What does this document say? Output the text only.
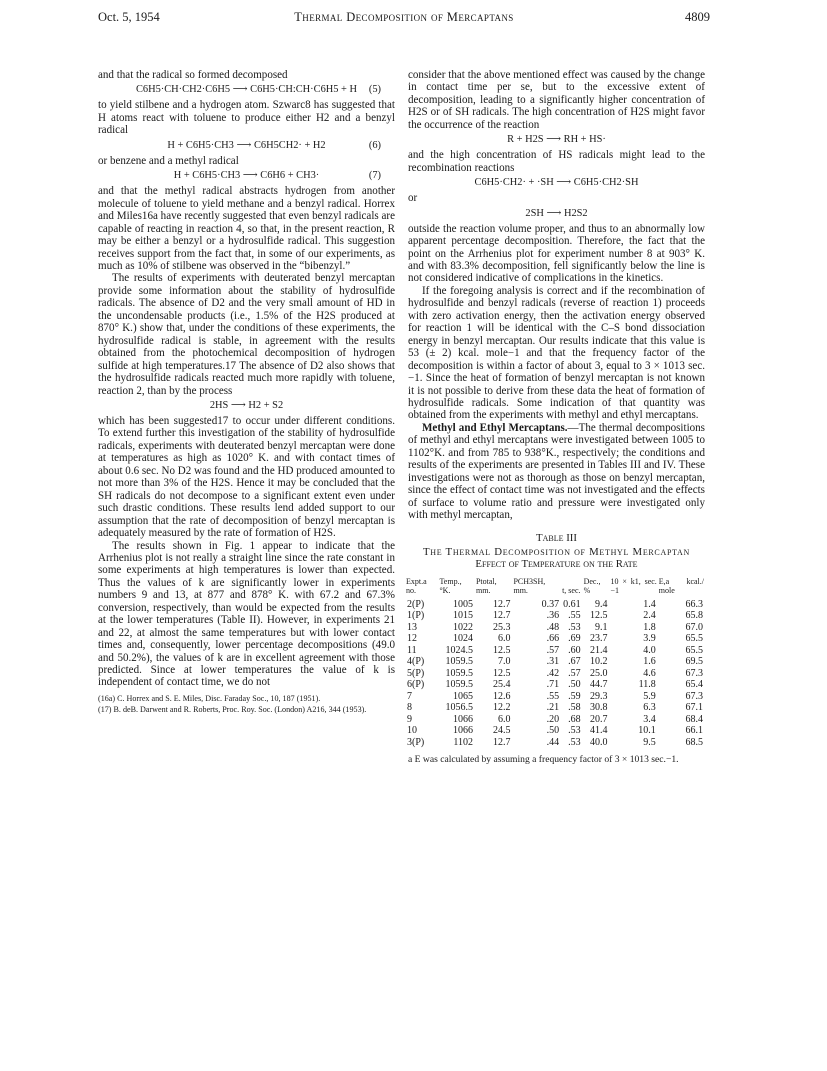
Oct. 5, 1954	Thermal Decomposition of Mercaptans	4809

and that the radical so formed decomposed

C6H5·CH·CH2·C6H5 ⟶ C6H5·CH:CH·C6H5 + H (5)

to yield stilbene and a hydrogen atom. Szwarc8 has suggested that H atoms react with toluene to produce either H2 and a benzyl radical

H + C6H5·CH3 ⟶ C6H5CH2· + H2	(6)

or benzene and a methyl radical

H + C6H5·CH3 ⟶ C6H6 + CH3·	(7)

and that the methyl radical abstracts hydrogen from another molecule of toluene to yield methane and a benzyl radical. Horrex and Miles16a have recently suggested that even benzyl radicals are capable of reacting in reaction 4, so that, in the present reaction, R may be either a benzyl or a hydrosulfide radical. This suggestion receives support from the fact that, in some of our experiments, as much as 10% of stilbene was observed in the “bibenzyl.”

The results of experiments with deuterated benzyl mercaptan provide some information about the stability of hydrosulfide radicals. The absence of D2 and the very small amount of HD in the uncondensable products (i.e., 1.5% of the H2S produced at 870° K.) show that, under the conditions of these experiments, the hydrosulfide radical is stable, in agreement with the results obtained from the photochemical decomposition of hydrogen sulfide at high temperatures.17 The absence of D2 also shows that the hydrosulfide radicals reacted much more rapidly with toluene, reaction 2, than by the process

2HS ⟶ H2 + S2

which has been suggested17 to occur under different conditions. To extend further this investigation of the stability of hydrosulfide radicals, experiments with deuterated benzyl mercaptan were done at temperatures as high as 1020° K. and with contact times of about 0.6 sec. No D2 was found and the HD produced amounted to not more than 3% of the H2S. Hence it may be concluded that the SH radicals do not decompose to a significant extent even under such drastic conditions. These results lend added support to our assumption that the rate of decomposition of benzyl mercaptan is adequately measured by the rate of formation of H2S.

The results shown in Fig. 1 appear to indicate that the Arrhenius plot is not really a straight line since the rate constant in some experiments at high temperatures is lower than expected. Thus the values of k are significantly lower in experiments numbers 9 and 13, at 877 and 878° K. with 67.2 and 67.3% conversion, respectively, than would be expected from the results at the lower temperatures (Table II). However, in experiments 21 and 22, at almost the same temperatures but with lower contact times and, consequently, lower percentage decompositions (49.0 and 50.2%), the values of k are in excellent agreement with those predicted. Since at lower temperatures the value of k is independent of contact time, we do not

(16a) C. Horrex and S. E. Miles, Disc. Faraday Soc., 10, 187 (1951).
(17) B. deB. Darwent and R. Roberts, Proc. Roy. Soc. (London) A216, 344 (1953).

consider that the above mentioned effect was caused by the change in contact time per se, but to the excessive extent of decomposition, leading to a significantly higher concentration of H2S or of SH radicals. The high concentration of H2S might favor the occurrence of the reaction

R + H2S ⟶ RH + HS·

and the high concentration of HS radicals might lead to the recombination reactions

C6H5·CH2· + ·SH ⟶ C6H5·CH2·SH

or

2SH ⟶ H2S2

outside the reaction volume proper, and thus to an abnormally low apparent percentage decomposition. Therefore, the fact that the point on the Arrhenius plot for experiment number 8 at 903° K. and with 83.3% decomposition, fell significantly below the line is not considered indicative of complications in the kinetics.

If the foregoing analysis is correct and if the recombination of hydrosulfide and benzyl radicals (reverse of reaction 1) proceeds with zero activation energy, then the activation energy observed for reaction 1 will be identical with the C–S bond dissociation energy in benzyl mercaptan. Our results indicate that this value is 53 (± 2) kcal. mole−1 and that the frequency factor of the decomposition is within a factor of about 3, equal to 3 × 1013 sec.−1. Since the heat of formation of benzyl mercaptan is not known it is not possible to derive from these data the heat of formation of hydrosulfide radicals. Some indication of that quantity was obtained from the experiments with methyl and ethyl mercaptans.

Methyl and Ethyl Mercaptans.—The thermal decompositions of methyl and ethyl mercaptans were investigated between 1005 to 1102°K. and from 785 to 938°K., respectively; the conditions and results of the experiments are presented in Tables III and IV. These investigations were not as thorough as those on benzyl mercaptan, since the effect of contact time was not investigated and the effects of surface to volume ratio and pressure were investigated only with methyl mercaptan,

Table III
The Thermal Decomposition of Methyl Mercaptan
Effect of Temperature on the Rate
Expt.a no.	Temp., °K.	Ptotal, mm.	PCH3SH, mm.	t, sec.	Dec., %	10 × k1, sec.−1	E,a kcal./ mole
2(P)	1005	12.7	0.37	0.61	9.4	1.4	66.3
1(P)	1015	12.7	.36	.55	12.5	2.4	65.8
13	1022	25.3	.48	.53	9.1	1.8	67.0
12	1024	6.0	.66	.69	23.7	3.9	65.5
11	1024.5	12.5	.57	.60	21.4	4.0	65.5
4(P)	1059.5	7.0	.31	.67	10.2	1.6	69.5
5(P)	1059.5	12.5	.42	.57	25.0	4.6	67.3
6(P)	1059.5	25.4	.71	.50	44.7	11.8	65.4
7	1065	12.6	.55	.59	29.3	5.9	67.3
8	1056.5	12.2	.21	.58	30.8	6.3	67.1
9	1066	6.0	.20	.68	20.7	3.4	68.4
10	1066	24.5	.50	.53	41.4	10.1	66.1
3(P)	1102	12.7	.44	.53	40.0	9.5	68.5
a E was calculated by assuming a frequency factor of 3 × 1013 sec.−1.
